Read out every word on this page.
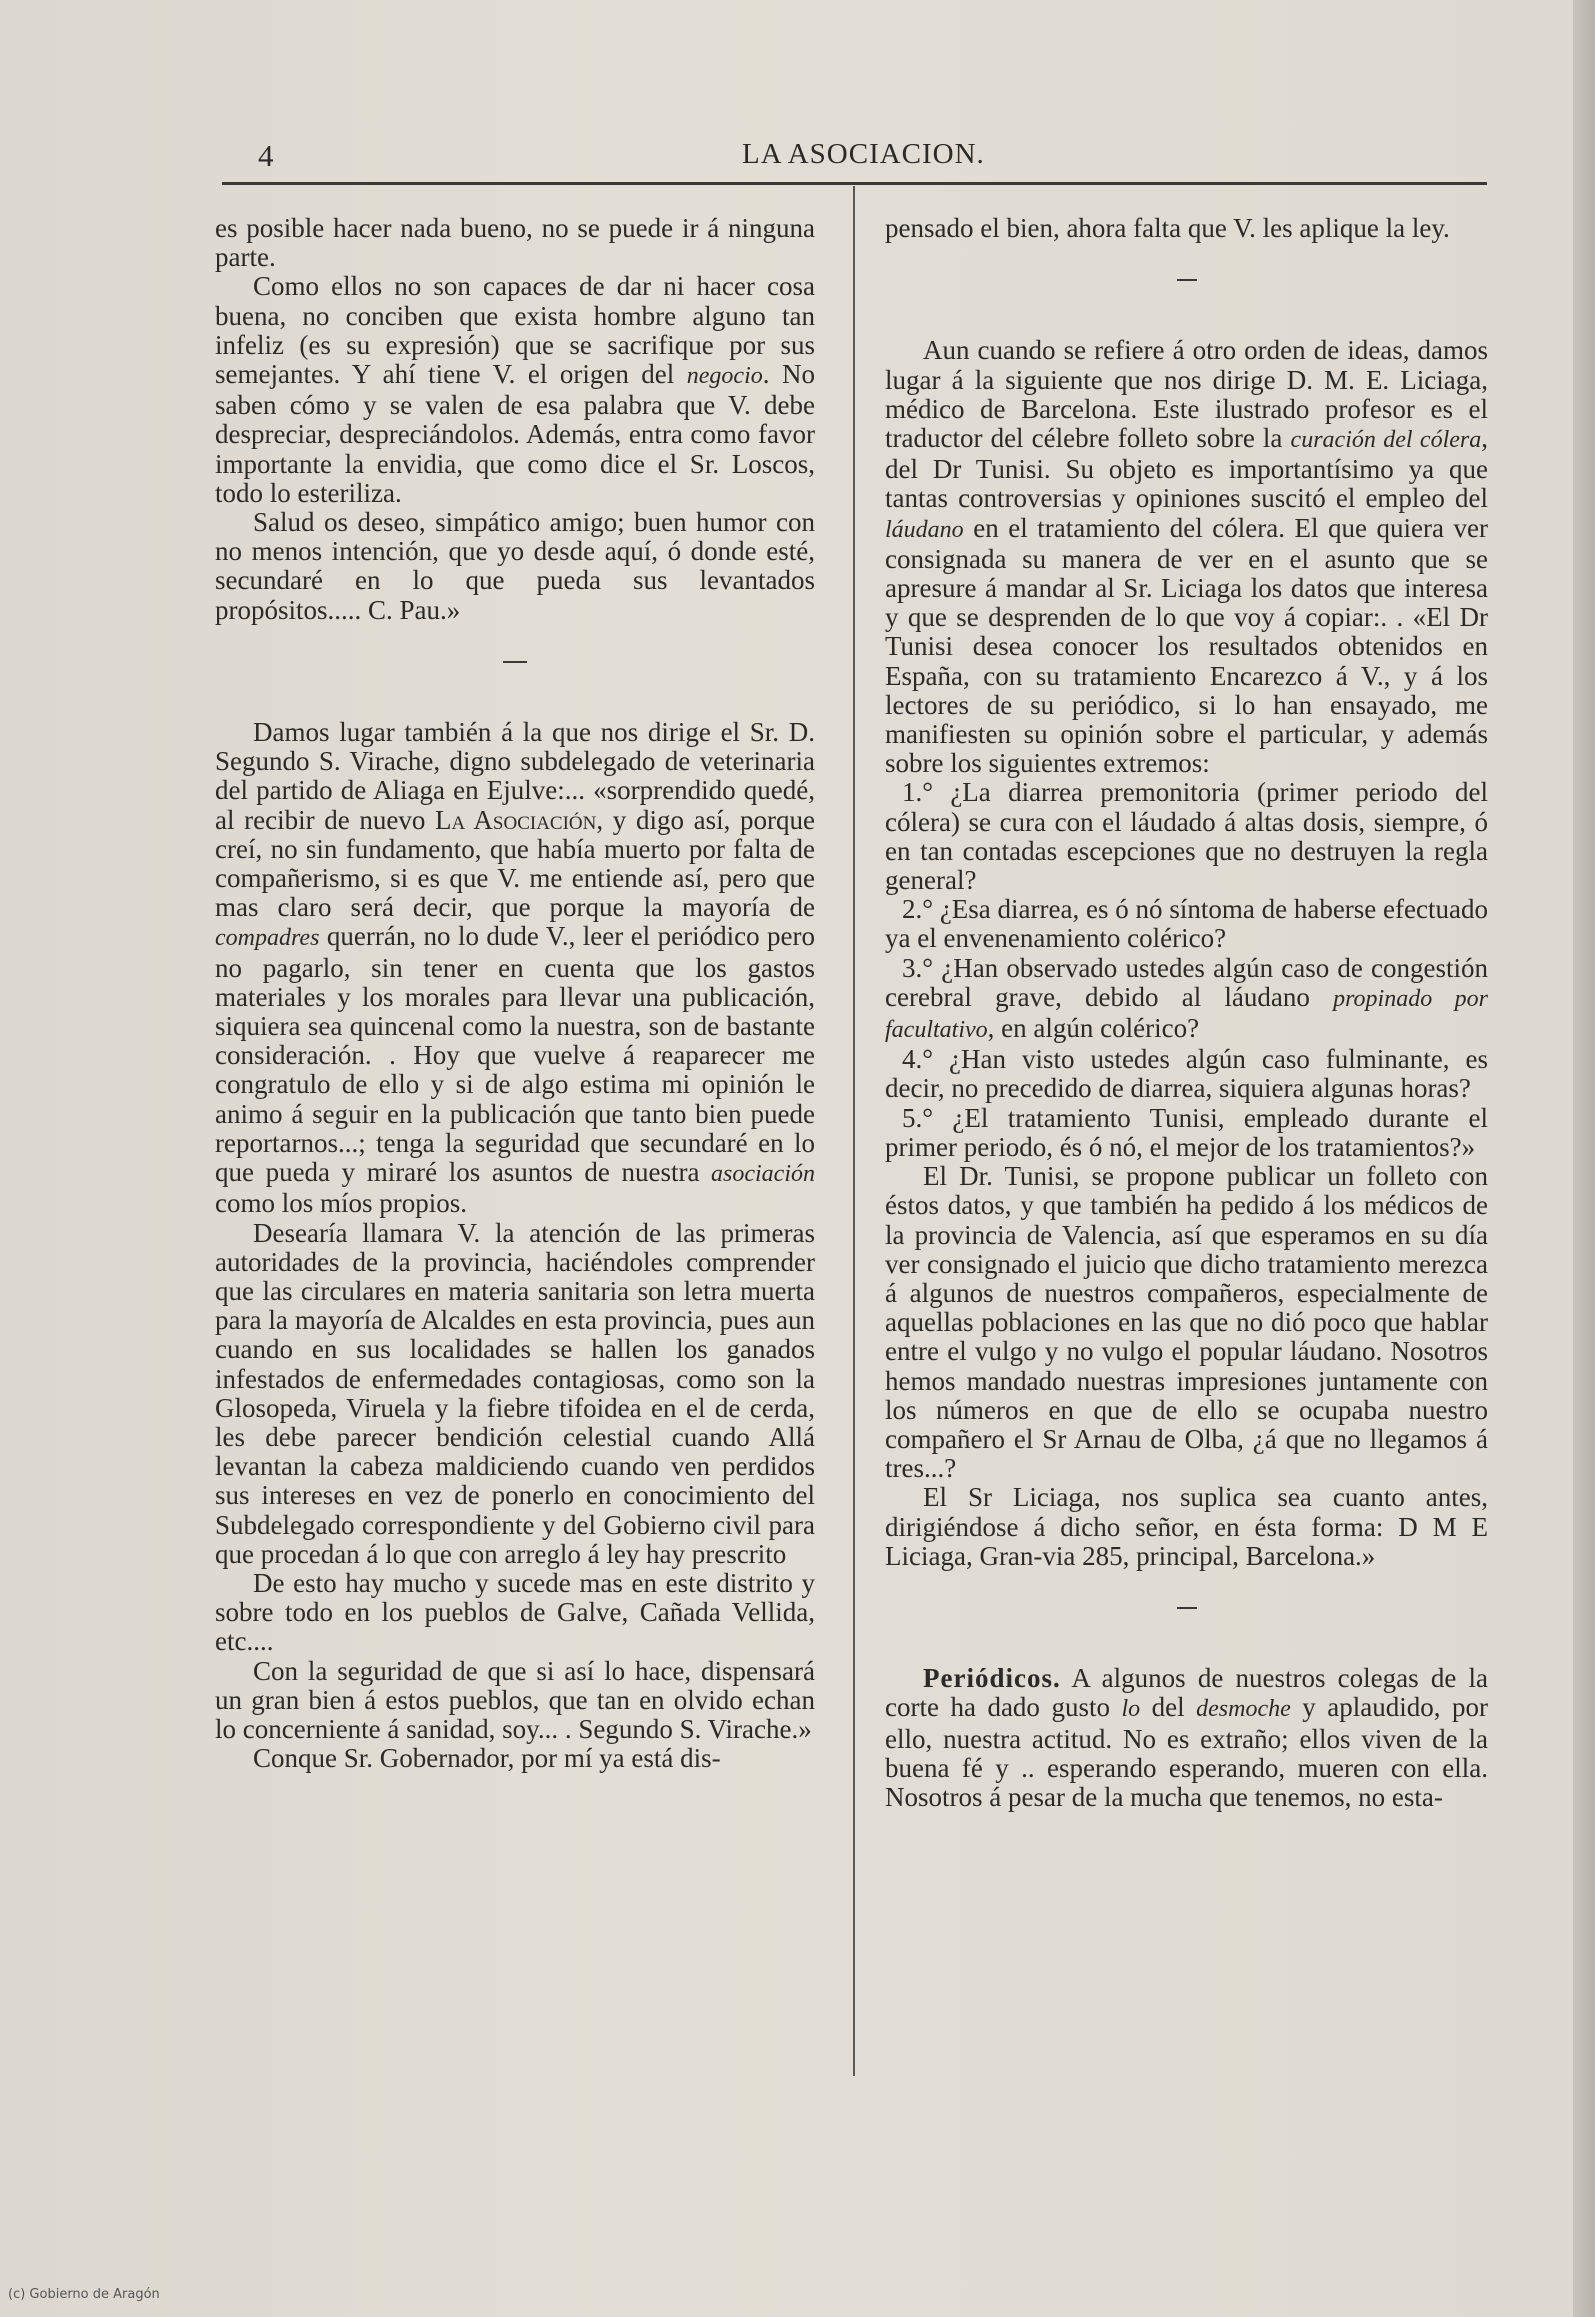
4	LA ASOCIACION.

es posible hacer nada bueno, no se puede ir á ninguna parte.

Como ellos no son capaces de dar ni hacer cosa buena, no conciben que exista hombre alguno tan infeliz (es su expresión) que se sacrifique por sus semejantes. Y ahí tiene V. el origen del negocio. No saben cómo y se valen de esa palabra que V. debe despreciar, despreciándolos. Además, entra como favor importante la envidia, que como dice el Sr. Loscos, todo lo esteriliza.

Salud os deseo, simpático amigo; buen humor con no menos intención, que yo desde aquí, ó donde esté, secundaré en lo que pueda sus levantados propósitos..... C. Pau.»

Damos lugar también á la que nos dirige el Sr. D. Segundo S. Virache, digno subdelegado de veterinaria del partido de Aliaga en Ejulve:... «sorprendido quedé, al recibir de nuevo La Asociación, y digo así, porque creí, no sin fundamento, que había muerto por falta de compañerismo, si es que V. me entiende así, pero que mas claro será decir, que porque la mayoría de compadres querrán, no lo dude V., leer el periódico pero no pagarlo, sin tener en cuenta que los gastos materiales y los morales para llevar una publicación, siquiera sea quincenal como la nuestra, son de bastante consideración. . Hoy que vuelve á reaparecer me congratulo de ello y si de algo estima mi opinión le animo á seguir en la publicación que tanto bien puede reportarnos...; tenga la seguridad que secundaré en lo que pueda y miraré los asuntos de nuestra asociación como los míos propios.

Desearía llamara V. la atención de las primeras autoridades de la provincia, haciéndoles comprender que las circulares en materia sanitaria son letra muerta para la mayoría de Alcaldes en esta provincia, pues aun cuando en sus localidades se hallen los ganados infestados de enfermedades contagiosas, como son la Glosopeda, Viruela y la fiebre tifoidea en el de cerda, les debe parecer bendición celestial cuando Allá levantan la cabeza maldiciendo cuando ven perdidos sus intereses en vez de ponerlo en conocimiento del Subdelegado correspondiente y del Gobierno civil para que procedan á lo que con arreglo á ley hay prescrito

De esto hay mucho y sucede mas en este distrito y sobre todo en los pueblos de Galve, Cañada Vellida, etc....

Con la seguridad de que si así lo hace, dispensará un gran bien á estos pueblos, que tan en olvido echan lo concerniente á sanidad, soy... . Segundo S. Virache.»

Conque Sr. Gobernador, por mí ya está dis-

pensado el bien, ahora falta que V. les aplique la ley.

Aun cuando se refiere á otro orden de ideas, damos lugar á la siguiente que nos dirige D. M. E. Liciaga, médico de Barcelona. Este ilustrado profesor es el traductor del célebre folleto sobre la curación del cólera, del Dr Tunisi. Su objeto es importantísimo ya que tantas controversias y opiniones suscitó el empleo del láudano en el tratamiento del cólera. El que quiera ver consignada su manera de ver en el asunto que se apresure á mandar al Sr. Liciaga los datos que interesa y que se desprenden de lo que voy á copiar:. . «El Dr Tunisi desea conocer los resultados obtenidos en España, con su tratamiento Encarezco á V., y á los lectores de su periódico, si lo han ensayado, me manifiesten su opinión sobre el particular, y además sobre los siguientes extremos:

1.° ¿La diarrea premonitoria (primer periodo del cólera) se cura con el láudado á altas dosis, siempre, ó en tan contadas escepciones que no destruyen la regla general?

2.° ¿Esa diarrea, es ó nó síntoma de haberse efectuado ya el envenenamiento colérico?

3.° ¿Han observado ustedes algún caso de congestión cerebral grave, debido al láudano propinado por facultativo, en algún colérico?

4.° ¿Han visto ustedes algún caso fulminante, es decir, no precedido de diarrea, siquiera algunas horas?

5.° ¿El tratamiento Tunisi, empleado durante el primer periodo, és ó nó, el mejor de los tratamientos?»

El Dr. Tunisi, se propone publicar un folleto con éstos datos, y que también ha pedido á los médicos de la provincia de Valencia, así que esperamos en su día ver consignado el juicio que dicho tratamiento merezca á algunos de nuestros compañeros, especialmente de aquellas poblaciones en las que no dió poco que hablar entre el vulgo y no vulgo el popular láudano. Nosotros hemos mandado nuestras impresiones juntamente con los números en que de ello se ocupaba nuestro compañero el Sr Arnau de Olba, ¿á que no llegamos á tres...?

El Sr Liciaga, nos suplica sea cuanto antes, dirigiéndose á dicho señor, en ésta forma: D M E Liciaga, Gran-via 285, principal, Barcelona.»

Periódicos. A algunos de nuestros colegas de la corte ha dado gusto lo del desmoche y aplaudido, por ello, nuestra actitud. No es extraño; ellos viven de la buena fé y .. esperando esperando, mueren con ella. Nosotros á pesar de la mucha que tenemos, no esta-

(c) Gobierno de Aragón
